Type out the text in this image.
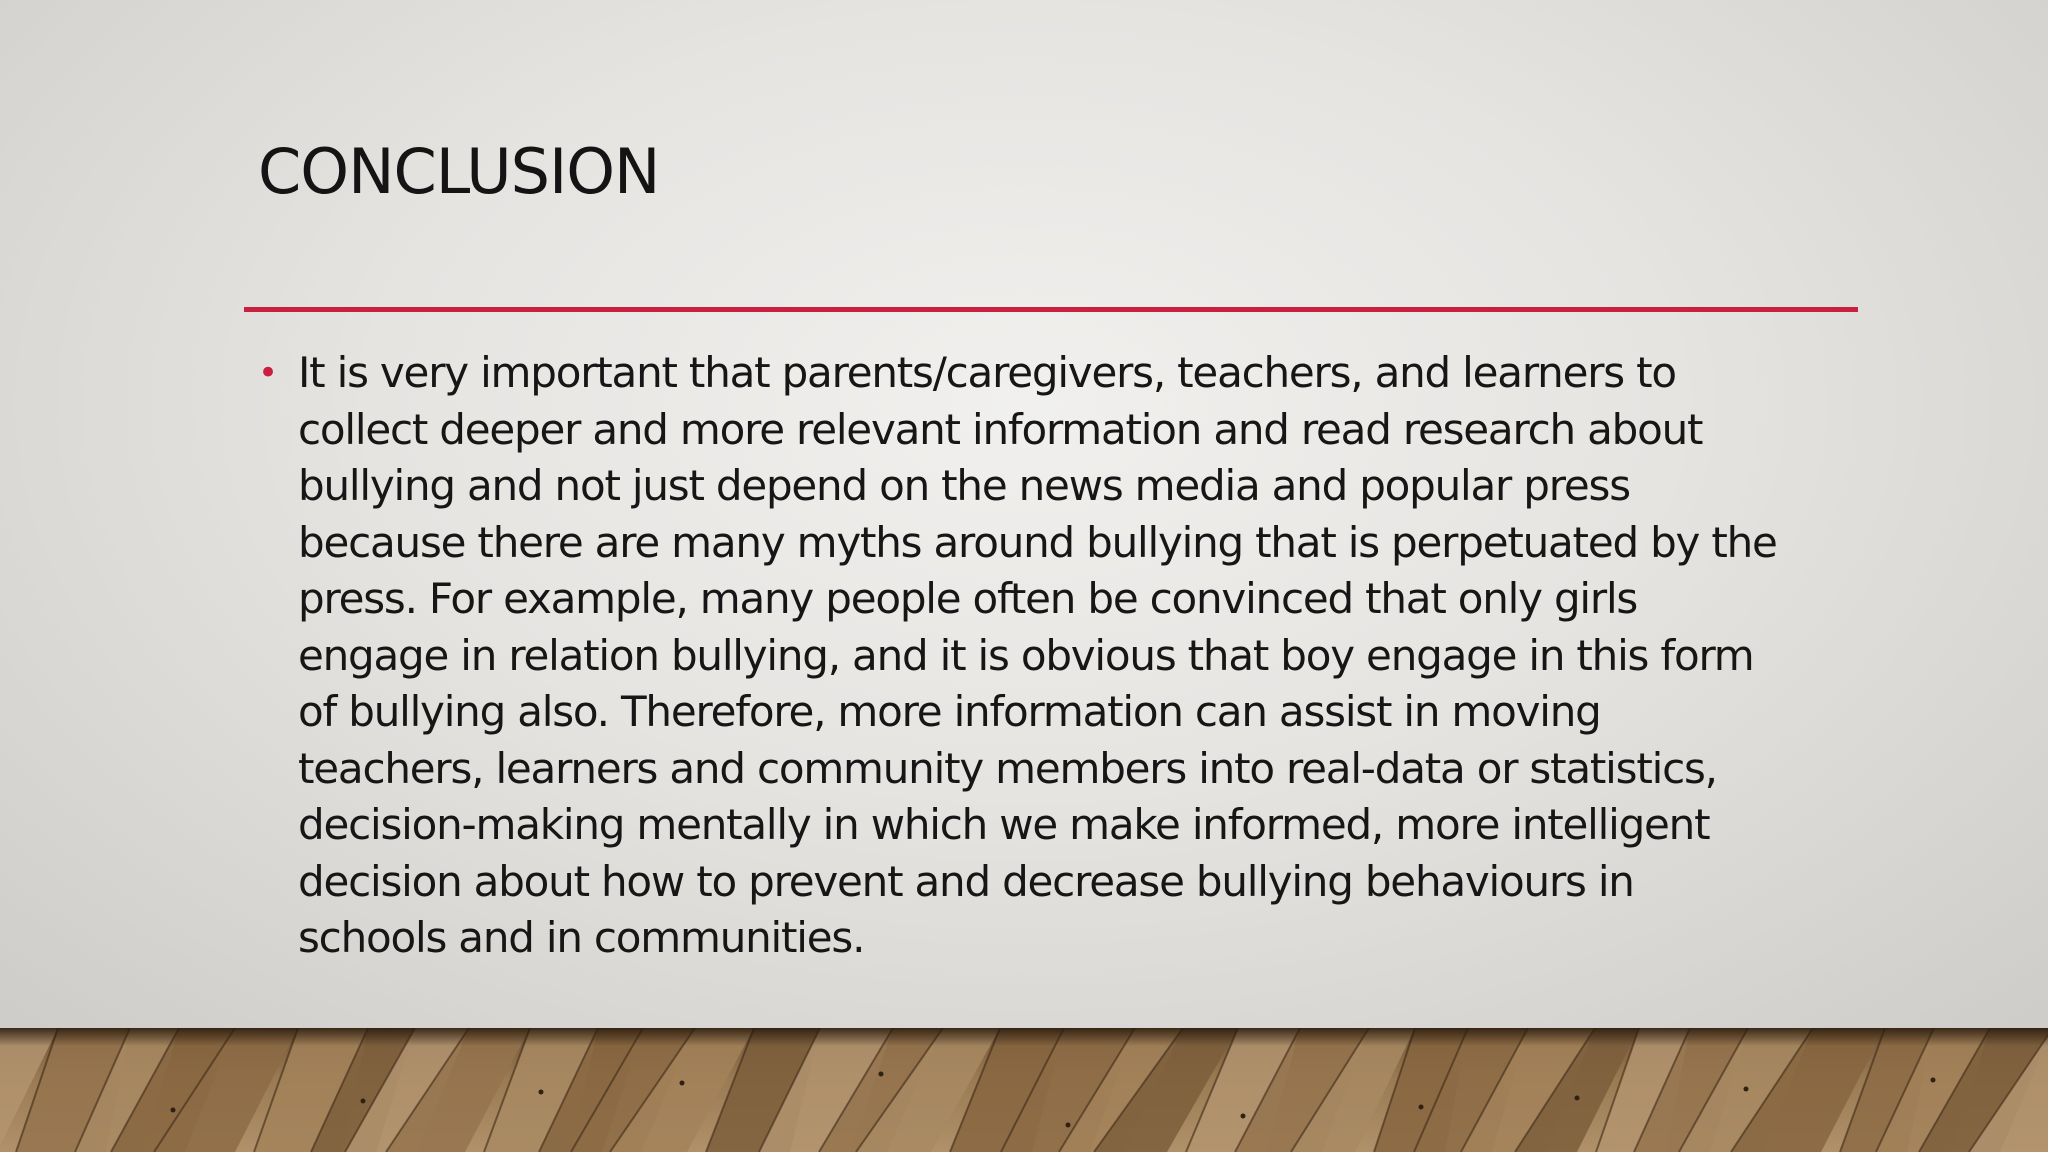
CONCLUSION
• It is very important that parents/caregivers, teachers, and learners to
collect deeper and more relevant information and read research about
bullying and not just depend on the news media and popular press
because there are many myths around bullying that is perpetuated by the
press. For example, many people often be convinced that only girls
engage in relation bullying, and it is obvious that boy engage in this form
of bullying also. Therefore, more information can assist in moving
teachers, learners and community members into real-data or statistics,
decision-making mentally in which we make informed, more intelligent
decision about how to prevent and decrease bullying behaviours in
schools and in communities.
